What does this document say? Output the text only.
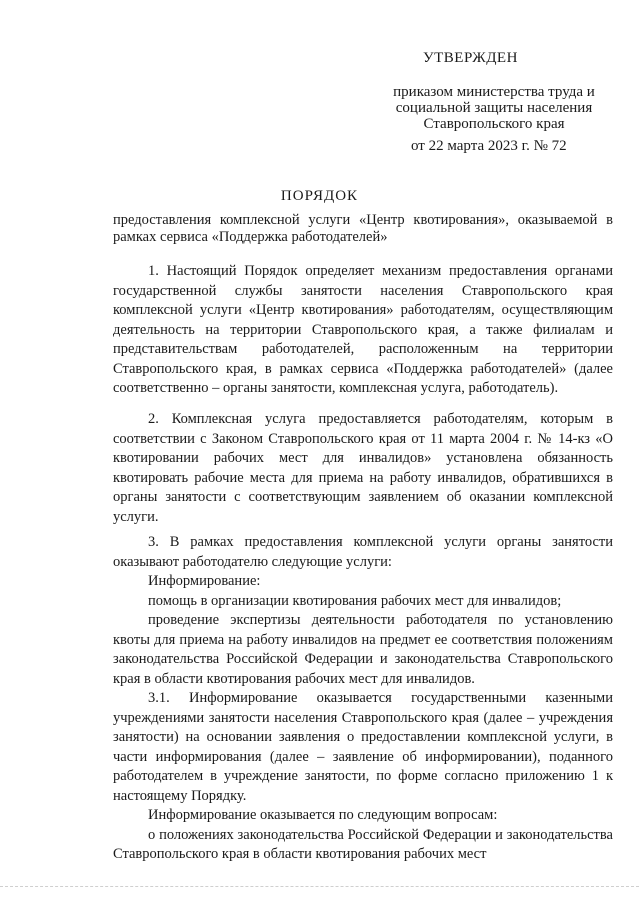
УТВЕРЖДЕН
приказом министерства труда и
социальной защиты населения
Ставропольского края
от 22 марта 2023 г. № 72
ПОРЯДОК
предоставления комплексной услуги «Центр квотирования», оказываемой в рамках сервиса «Поддержка работодателей»

1. Настоящий Порядок определяет механизм предоставления органами государственной службы занятости населения Ставропольского края комплексной услуги «Центр квотирования» работодателям, осуществляющим деятельность на территории Ставропольского края, а также филиалам и представительствам работодателей, расположенным на территории Ставропольского края, в рамках сервиса «Поддержка работодателей» (далее соответственно – органы занятости, комплексная услуга, работодатель).

2. Комплексная услуга предоставляется работодателям, которым в соответствии с Законом Ставропольского края от 11 марта 2004 г. № 14-кз «О квотировании рабочих мест для инвалидов» установлена обязанность квотировать рабочие места для приема на работу инвалидов, обратившихся в органы занятости с соответствующим заявлением об оказании комплексной услуги.

3. В рамках предоставления комплексной услуги органы занятости оказывают работодателю следующие услуги:

Информирование:

помощь в организации квотирования рабочих мест для инвалидов;

проведение экспертизы деятельности работодателя по установлению квоты для приема на работу инвалидов на предмет ее соответствия положениям законодательства Российской Федерации и законодательства Ставропольского края в области квотирования рабочих мест для инвалидов.

3.1. Информирование оказывается государственными казенными учреждениями занятости населения Ставропольского края (далее – учреждения занятости) на основании заявления о предоставлении комплексной услуги, в части информирования (далее – заявление об информировании), поданного работодателем в учреждение занятости, по форме согласно приложению 1 к настоящему Порядку.

Информирование оказывается по следующим вопросам:

о положениях законодательства Российской Федерации и законодательства Ставропольского края в области квотирования рабочих мест
